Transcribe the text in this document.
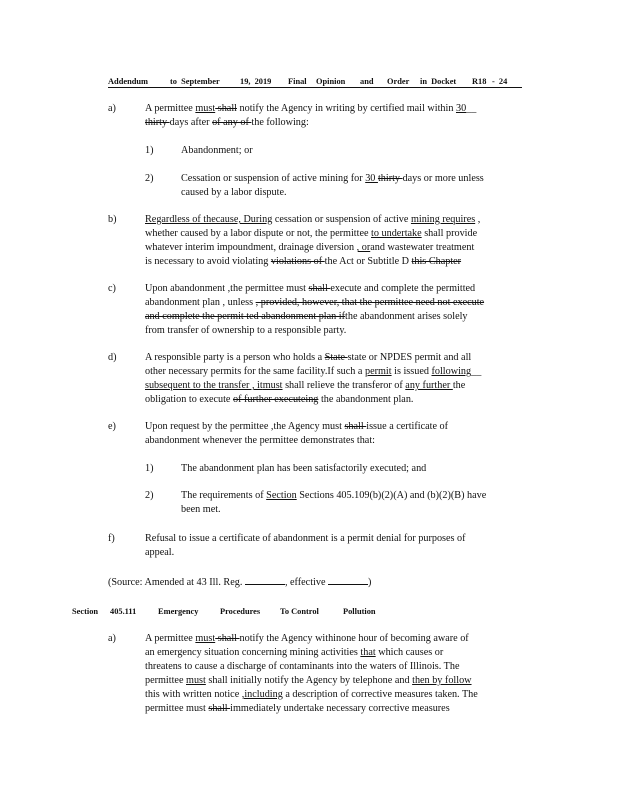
Addendum	to September 19, 2019 Final Opinion and Order in Docket R18 - 24
a)	A permittee must shall notify the Agency in writing by certified mail within 30__
thirty days after of any of the following:
1)	Abandonment; or
2)	Cessation or suspension of active mining for 30 thirty days or more unless
caused by a labor dispute.
b)	Regardless of thecause, During cessation or suspension of active mining requires ,
whether caused by a labor dispute or not, the permittee to undertake shall provide
whatever interim impoundment, drainage diversion , orand wastewater treatment
is necessary to avoid violating violations of the Act or Subtitle D this Chapter
c)	Upon abandonment ,the permittee must shall execute and complete the permitted
abandonment plan , unless , provided, however, that the permittee need not execute
and complete the permit ted abandonment plan ifthe abandonment arises solely
from transfer of ownership to a responsible party.
d)	A responsible party is a person who holds a State state or NPDES permit and all
other necessary permits for the same facility.If such a permit is issued following__
subsequent to the transfer , itmust shall relieve the transferor of any further the
obligation to execute of further executeing the abandonment plan.
e)	Upon request by the permittee ,the Agency must shall issue a certificate of
abandonment whenever the permittee demonstrates that:
1)	The abandonment plan has been satisfactorily executed; and
2)	The requirements of Section Sections 405.109(b)(2)(A) and (b)(2)(B) have
been met.
f)	Refusal to issue a certificate of abandonment is a permit denial for purposes of
appeal.
(Source: Amended at 43 Ill. Reg.	, effective	)
Section 405.111	Emergency	Procedures To Control	Pollution
a)	A permittee must shall notify the Agency withinone hour of becoming aware of
an emergency situation concerning mining activities that which causes or
threatens to cause a discharge of contaminants into the waters of Illinois. The
permittee must shall initially notify the Agency by telephone and then by follow
this with written notice ,including a description of corrective measures taken. The
permittee must shall immediately undertake necessary corrective measures
